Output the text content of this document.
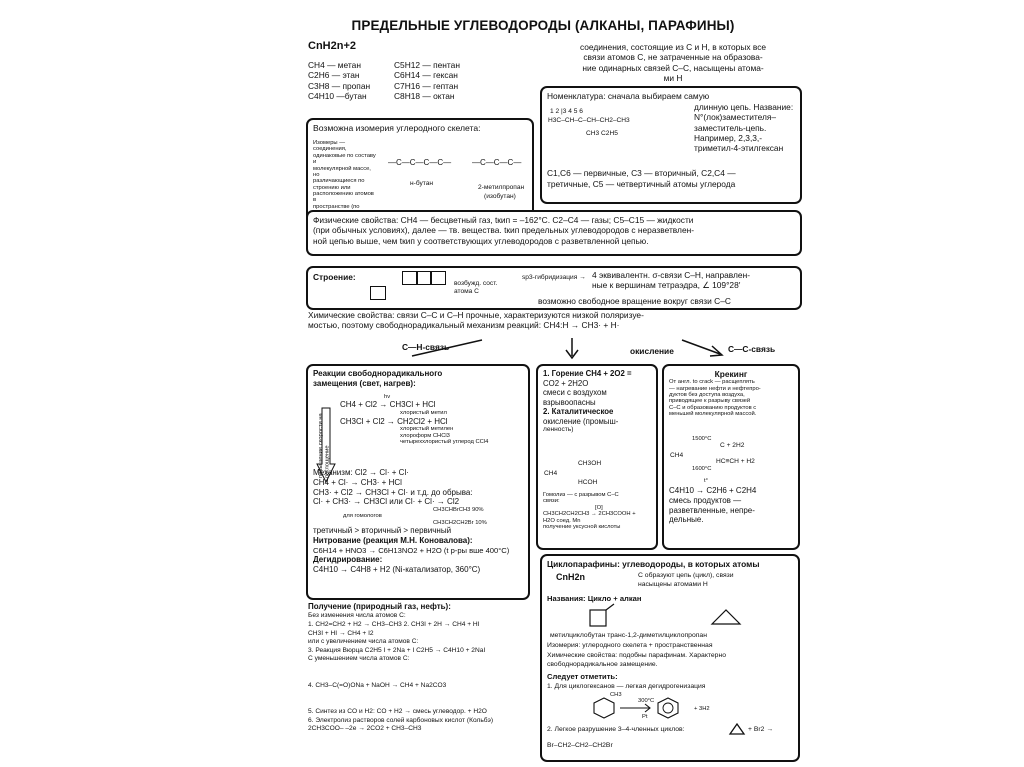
ПРЕДЕЛЬНЫЕ УГЛЕВОДОРОДЫ (АЛКАНЫ, ПАРАФИНЫ)
CnH2n+2
CH4 — метан
C2H6 — этан
C3H8 — пропан
C4H10 —бутан
C5H12 — пентан
C6H14 — гексан
C7H16 — гептан
C8H18 — октан
соединения, состоящие из С и Н, в которых все
связи атомов С, не затраченные на образова-
ние одинарных связей С–С, насыщены атома-
ми Н
Возможна изомерия углеродного скелета:
Изомеры — соединения,
одинаковые по составу и
молекулярной массе, но
различающиеся по
строению или
расположению атомов в
пространстве (по
—C—C—C—C—
н-бутан
—C—C—C—
2-метилпропан
(изобутан)
Номенклатура: сначала выбираем самую
1 2 |3 4 5 6
H3C–CH–C–CH–CH2–CH3
CH3 C2H5
длинную цепь. Название:
N°(лок)заместителя–
заместитель-цепь.
Например, 2,3,3,-
триметил-4-этилгексан
C1,C6 — первичные, C3 — вторичный, C2,C4 —
третичные, C5 — четвертичный атомы углерода
Физические свойства: CH4 — бесцветный газ, tкип = –162°C. C2–C4 — газы; C5–C15 — жидкости
(при обычных условиях), далее — тв. вещества. tкип предельных углеводородов с неразветвлен-
ной цепью выше, чем tкип у соответствующих углеводородов с разветвленной цепью.
Строение:
возбужд. сост.
атома C
sp3-гибридизация → 4 эквивалентн. σ-связи C–H, направлен-
ные к вершинам тетраэдра, ∠ 109°28′
возможно свободное вращение вокруг связи C–C
Химические свойства: связи C–C и C–H прочные, характеризуются низкой поляризуе-
мостью, поэтому свободнорадикальный механизм реакций: CH4:H → CH3· + H·
C—H-связь	окисление	C—C-связь
Реакции свободнорадикального
замещения (свет, нагрев):
повышение скорости на поглощение
hv
CH4 + Cl2 → CH3Cl + HCl
хлористый метил
CH3Cl + Cl2 → CH2Cl2 + HCl
хлористый метилен
хлороформ CHCl3
четыреххлористый углерод CCl4
Механизм: Cl2 → Cl· + Cl·
CH4 + Cl· → CH3· + HCl
CH3· + Cl2 → CH3Cl + Cl· и т.д. до обрыва:
Cl· + CH3· → CH3Cl или Cl· + Cl· → Cl2
CH3CHBrCH3 90%
для гомологов
CH3CH2CH2Br 10%
третичный > вторичный > первичный
Нитрование (реакция М.Н. Коновалова):
C6H14 + HNO3 → C6H13NO2 + H2O (t р-ры вше 400°C)
Дегидрирование:
C4H10 → C4H8 + H2 (Ni-катализатор, 360°C)
1. Горение CH4 + 2O2 =
CO2 + 2H2O
смеси с воздухом
взрывоопасны
2. Каталитическое
окисление (промыш-
ленность)
CH3OH
CH4
HCOH
Гомолиз — с разрывом C–C
связи:
[O]
CH3CH2CH2CH3 → 2CH3COOH +
H2O соед. Mn
получение уксусной кислоты
Крекинг
От англ. to crack — расщеплять
— нагревание нефти и нефтепро-
дуктов без доступа воздуха,
приводящее к разрыву связей
C–C и образованию продуктов с
меньшей молекулярной массой.
1500°C
C + 2H2
CH4
1600°C
HC≡CH + H2
t°
C4H10 → C2H6 + C2H4
смесь продуктов —
разветвленные, непре-
дельные.
Получение (природный газ, нефть):
Без изменения числа атомов C:
1. CH2=CH2 + H2 → CH3–CH3 2. CH3I + 2H → CH4 + HI
CH3I + HI → CH4 + I2
или с увеличением числа атомов C:
3. Реакция Вюрца C2H5 I + 2Na + I C2H5 → C4H10 + 2NaI
С уменьшением числа атомов C:
4. CH3–C(=O)ONa + NaOH → CH4 + Na2CO3
5. Синтез из CO и H2: CO + H2 → смесь углеводор. + H2O
6. Электролиз растворов солей карбоновых кислот (Кольбэ)
2CH3COO– –2e → 2CO2 + CH3–CH3
Циклопарафины: углеводороды, в которых атомы
CnH2n	С образуют цепь (цикл), связи
насыщены атомами H
Названия: Цикло + алкан
метилциклобутан транс-1,2-диметилциклопропан
Изомерия: углеродного скелета + пространственная
Химические свойства: подобны парафинам. Характерно
свободнорадикальное замещение.
Следует отметить:
1. Для циклогексанов — легкая дегидрогенизация
CH3
300°C
Pt
+ 3H2
2. Легкое разрушение 3–4-членных циклов:	+ Br2 →
Br–CH2–CH2–CH2Br
